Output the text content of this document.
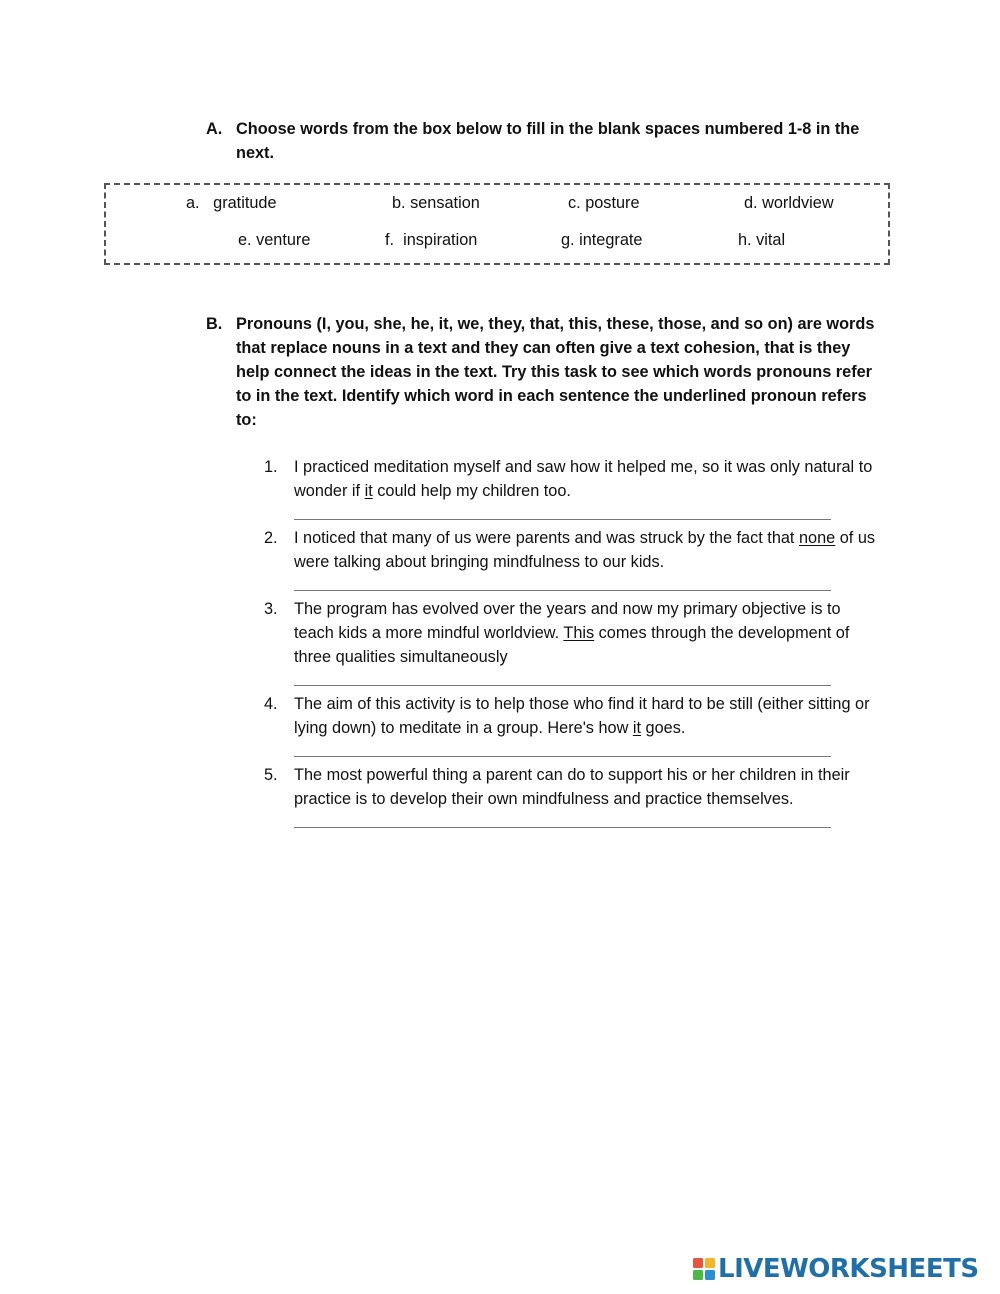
A. Choose words from the box below to fill in the blank spaces numbered 1-8 in the next.
a.   gratitude	b. sensation	c. posture	d. worldview
e. venture	f.  inspiration	g. integrate	h. vital
B. Pronouns (I, you, she, he, it, we, they, that, this, these, those, and so on) are words that replace nouns in a text and they can often give a text cohesion, that is they help connect the ideas in the text. Try this task to see which words pronouns refer to in the text. Identify which word in each sentence the underlined pronoun refers to:
1.	I practiced meditation myself and saw how it helped me, so it was only natural to wonder if it could help my children too.
2.	I noticed that many of us were parents and was struck by the fact that none of us were talking about bringing mindfulness to our kids.
3.	The program has evolved over the years and now my primary objective is to teach kids a more mindful worldview. This comes through the development of three qualities simultaneously
4.	The aim of this activity is to help those who find it hard to be still (either sitting or lying down) to meditate in a group. Here's how it goes.
5.	The most powerful thing a parent can do to support his or her children in their practice is to develop their own mindfulness and practice themselves.
LIVEWORKSHEETS
